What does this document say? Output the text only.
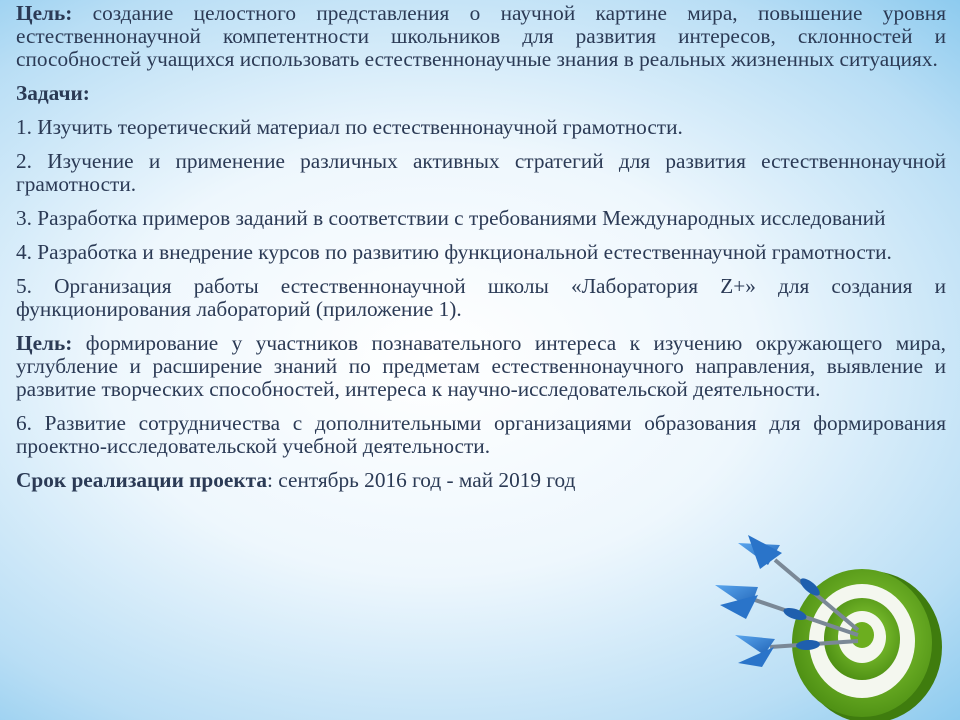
Цель: создание целостного представления о научной картине мира, повышение уровня естественнонаучной компетентности школьников для развития интересов, склонностей и способностей учащихся использовать естественнонаучные знания в реальных жизненных ситуациях.

Задачи:

1. Изучить теоретический материал по естественнонаучной грамотности.

2. Изучение и применение различных активных стратегий для развития естественнонаучной грамотности.

3. Разработка примеров заданий в соответствии с требованиями Международных исследований

4. Разработка и внедрение курсов по развитию функциональной естественнаучной грамотности.

5. Организация работы естественнонаучной школы «Лаборатория Z+» для создания и функционирования лабораторий (приложение 1).

Цель: формирование у участников познавательного интереса к изучению окружающего мира, углубление и расширение знаний по предметам естественнонаучного направления, выявление и развитие творческих способностей, интереса к научно-исследовательской деятельности.

6. Развитие сотрудничества с дополнительными организациями образования для формирования проектно-исследовательской учебной деятельности.

Срок реализации проекта: сентябрь 2016 год - май 2019 год
